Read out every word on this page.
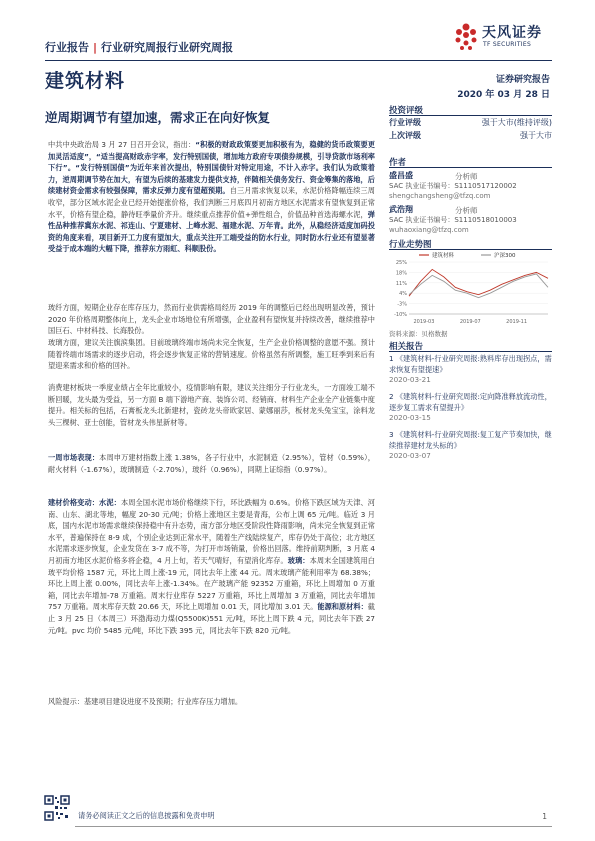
行业报告 | 行业研究周报行业研究周报
天风证券
TF SECURITIES
建筑材料	证券研究报告
2020 年 03 月 28 日
逆周期调节有望加速，需求正在向好恢复

中共中央政治局 3 月 27 日召开会议，指出：“积极的财政政策要更加积极有为，稳健的货币政策要更加灵活适度”，“适当提高财政赤字率，发行特别国债，增加地方政府专项债券规模，引导贷款市场利率下行”。“发行特别国债”为近年来首次提出，特别国债针对特定用途，不计入赤字。我们认为政策着力，逆周期调节势在加大，有望为后续的基建发力提供支持，伴随相关债务发行、资金筹集的落地，后续建材资金需求有较强保障，需求反弹力度有望超预期。自三月需求恢复以来，水泥价格降幅连续三周收窄，部分区域水泥企业已经开始提涨价格，我们判断三月底四月初南方地区水泥需求有望恢复到正常水平，价格有望企稳，静待旺季量价齐升。继续重点推荐价值+弹性组合，价值品种首选海螺水泥，弹性品种推荐冀东水泥、祁连山、宁夏建材、上峰水泥、福建水泥、万年青。此外，从稳经济适度加码投资的角度来看，项目新开工力度有望加大，重点关注开工端受益的防水行业，同时防水行业还有望显著受益于成本端的大幅下降，推荐东方雨虹、科顺股份。

玻纤方面，短期企业存在库存压力，然而行业供需格局经历 2019 年的调整后已经出现明显改善，预计 2020 年价格周期整体向上，龙头企业市场地位有所增强，企业盈利有望恢复并持续改善，继续推荐中国巨石、中材科技、长海股份。
玻璃方面，建议关注旗滨集团。目前玻璃终端市场尚未完全恢复，生产企业价格调整的意愿不强。预计随着终端市场需求的逐步启动，将会逐步恢复正常的营销速度。价格虽然有所调整，施工旺季到来后有望迎来需求和价格的回补。
消费建材板块一季度业绩占全年比重较小，疫情影响有限，建议关注细分子行业龙头，一方面竣工端不断回暖，龙头最为受益，另一方面 B 端下游地产商、装饰公司、经销商、材料生产企业全产业链集中度提升。相关标的包括，石膏板龙头北新建材，瓷砖龙头帝欧家居、蒙娜丽莎，板材龙头兔宝宝，涂料龙头三棵树、亚士创能，管材龙头伟星新材等。

一周市场表现：本周申万建材指数上涨 1.38%，各子行业中，水泥制造（2.95%），管材（0.59%），耐火材料（-1.67%），玻璃制造（-2.70%），玻纤（0.96%），同期上证综指（0.97%）。

建材价格变动：水泥：本周全国水泥市场价格继续下行，环比跌幅为 0.6%。价格下跌区域为天津、河南、山东、湖北等地，幅度 20-30 元/吨；价格上涨地区主要是青海，公布上调 65 元/吨。临近 3 月底，国内水泥市场需求继续保持稳中有升态势，南方部分地区受阶段性降雨影响，尚未完全恢复到正常水平，普遍保持在 8-9 成，个别企业达到正常水平，随着生产线陆续复产，库存仍处于高位；北方地区水泥需求逐步恢复，企业发货在 3-7 成不等，为打开市场销量，价格出回落。维持前期判断，3 月底 4 月初南方地区水泥价格多将企稳，4 月上旬，若天气晴好，有望消化库存。玻璃：本周末全国建筑用白玻平均价格 1587 元，环比上周上涨-19 元，同比去年上涨 44 元。周末玻璃产能利用率为 68.38%；环比上周上涨 0.00%，同比去年上涨-1.34%。在产玻璃产能 92352 万重箱，环比上周增加 0 万重箱，同比去年增加-78 万重箱。周末行业库存 5227 万重箱，环比上周增加 3 万重箱，同比去年增加 757 万重箱。周末库存天数 20.66 天，环比上周增加 0.01 天，同比增加 3.01 天。能源和原材料：截止 3 月 25 日（本周三）环渤海动力煤(Q5500K)551 元/吨，环比上周下跌 4 元，同比去年下跌 27 元/吨。pvc 均价 5485 元/吨，环比下跌 395 元，同比去年下跌 820 元/吨。

风险提示：基建项目建设进度不及预期；行业库存压力增加。
投资评级
行业评级	强于大市(维持评级)
上次评级	强于大市
作者
盛昌盛	分析师
SAC 执业证书编号：S1110517120002
shengchangsheng@tfzq.com
武浩翔	分析师
SAC 执业证书编号：S1110518010003
wuhaoxiang@tfzq.com
行业走势图
25%
18%
11%
4%
-3%
-10%
2019-03	2019-07	2019-11
建筑材料	沪深300
资料来源：贝格数据
相关报告
1 《建筑材料-行业研究周报:熟料库存出现拐点，需求恢复有望提速》
2020-03-21
2 《建筑材料-行业研究周报:定向降准释放流动性，逐步复工需求有望提升》
2020-03-15
3 《建筑材料-行业研究周报:复工复产节奏加快，继续推荐建材龙头标的》
2020-03-07
请务必阅读正文之后的信息披露和免责申明	1
